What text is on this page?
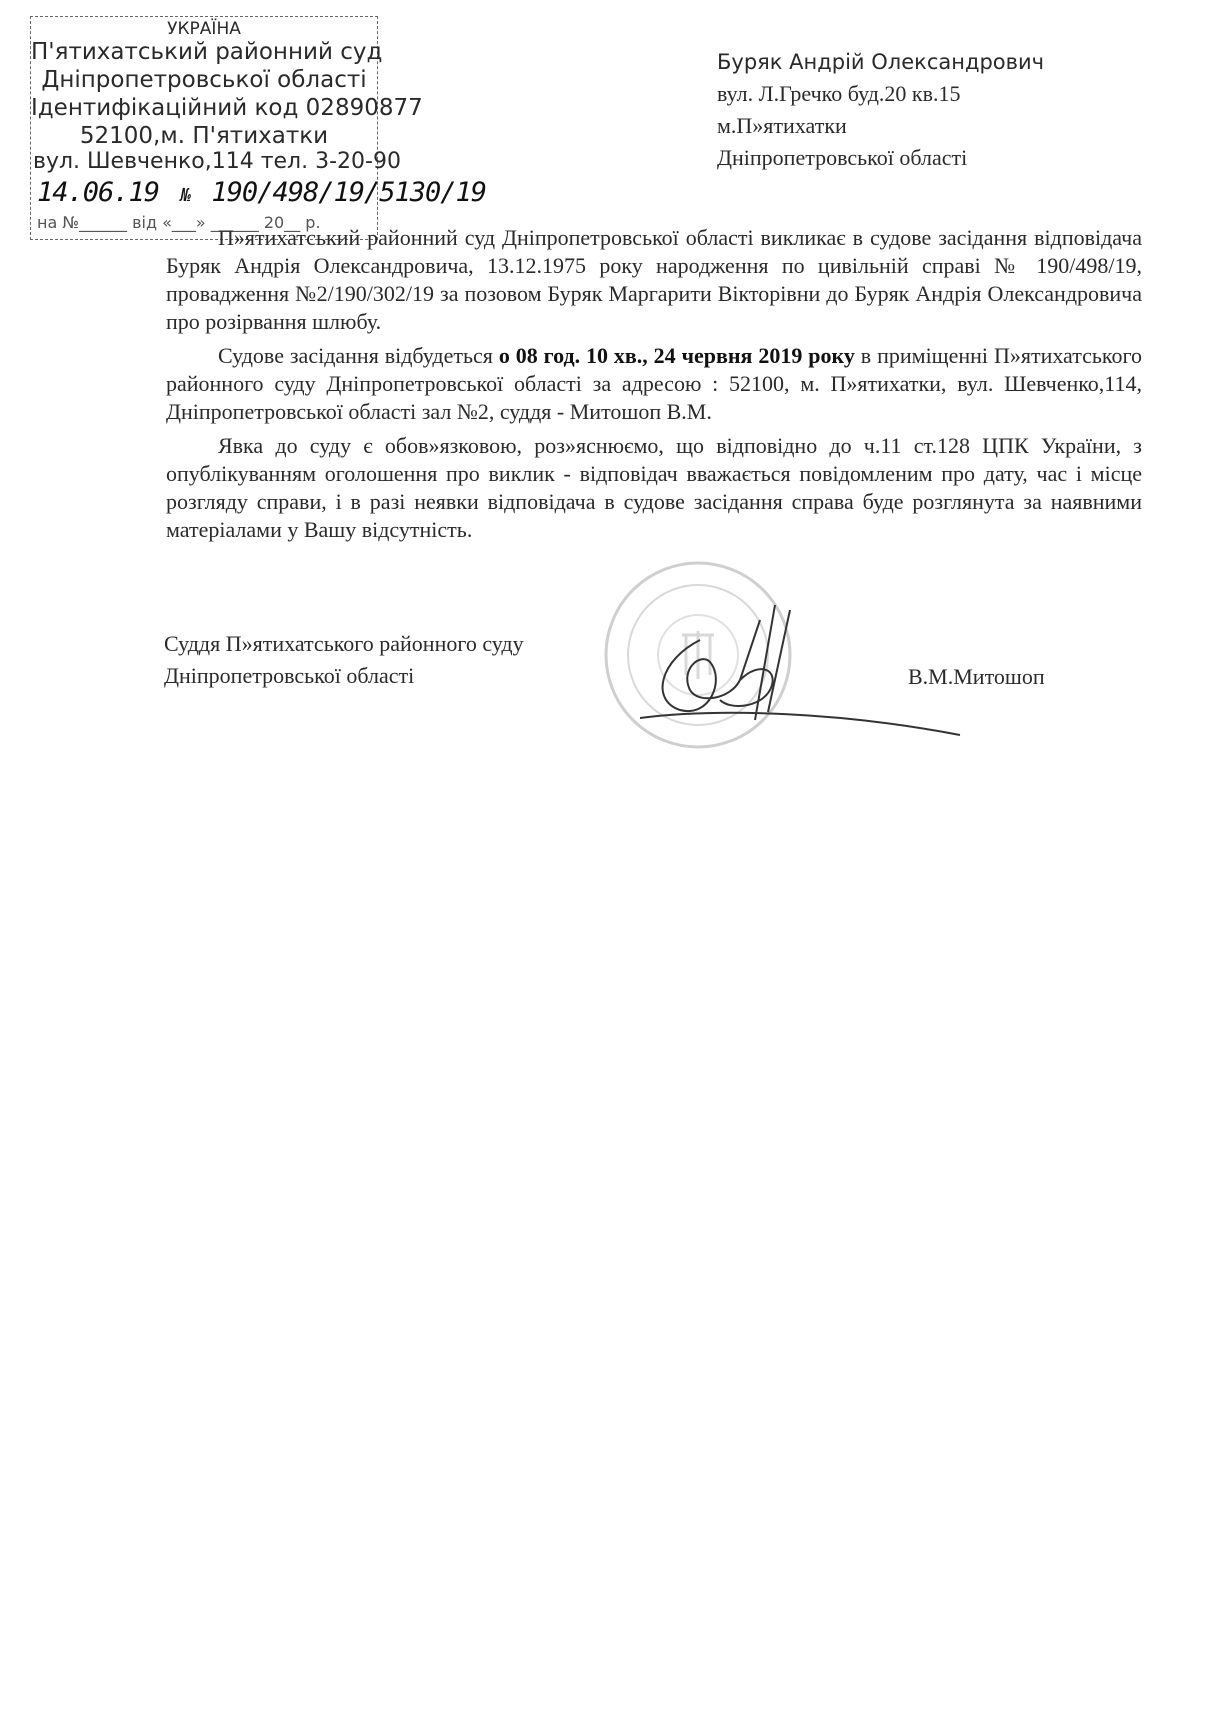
УКРАЇНА
П'ятихатський районний суд
Дніпропетровської області
Ідентифікаційний код 02890877
52100,м. П'ятихатки
вул. Шевченко,114 тел. 3-20-90
14.06.19 № 190/498/19/5130/19
на №______ від «___» ______ 20__ р.
Буряк Андрій Олександрович
вул. Л.Гречко буд.20 кв.15
м.П»ятихатки
Дніпропетровської області

П»ятихатський районний суд Дніпропетровської області викликає в судове засідання відповідача Буряк Андрія Олександровича, 13.12.1975 року народження по цивільній справі № 190/498/19, провадження №2/190/302/19 за позовом Буряк Маргарити Вікторівни до Буряк Андрія Олександровича про розірвання шлюбу.

Судове засідання відбудеться о 08 год. 10 хв., 24 червня 2019 року в приміщенні П»ятихатського районного суду Дніпропетровської області за адресою : 52100, м. П»ятихатки, вул. Шевченко,114, Дніпропетровської області зал №2, суддя - Митошоп В.М.

Явка до суду є обов»язковою, роз»яснюємо, що відповідно до ч.11 ст.128 ЦПК України, з опублікуванням оголошення про виклик - відповідач вважається повідомленим про дату, час і місце розгляду справи, і в разі неявки відповідача в судове засідання справа буде розглянута за наявними матеріалами у Вашу відсутність.

Суддя П»ятихатського районного суду
Дніпропетровської області	В.М.Митошоп
